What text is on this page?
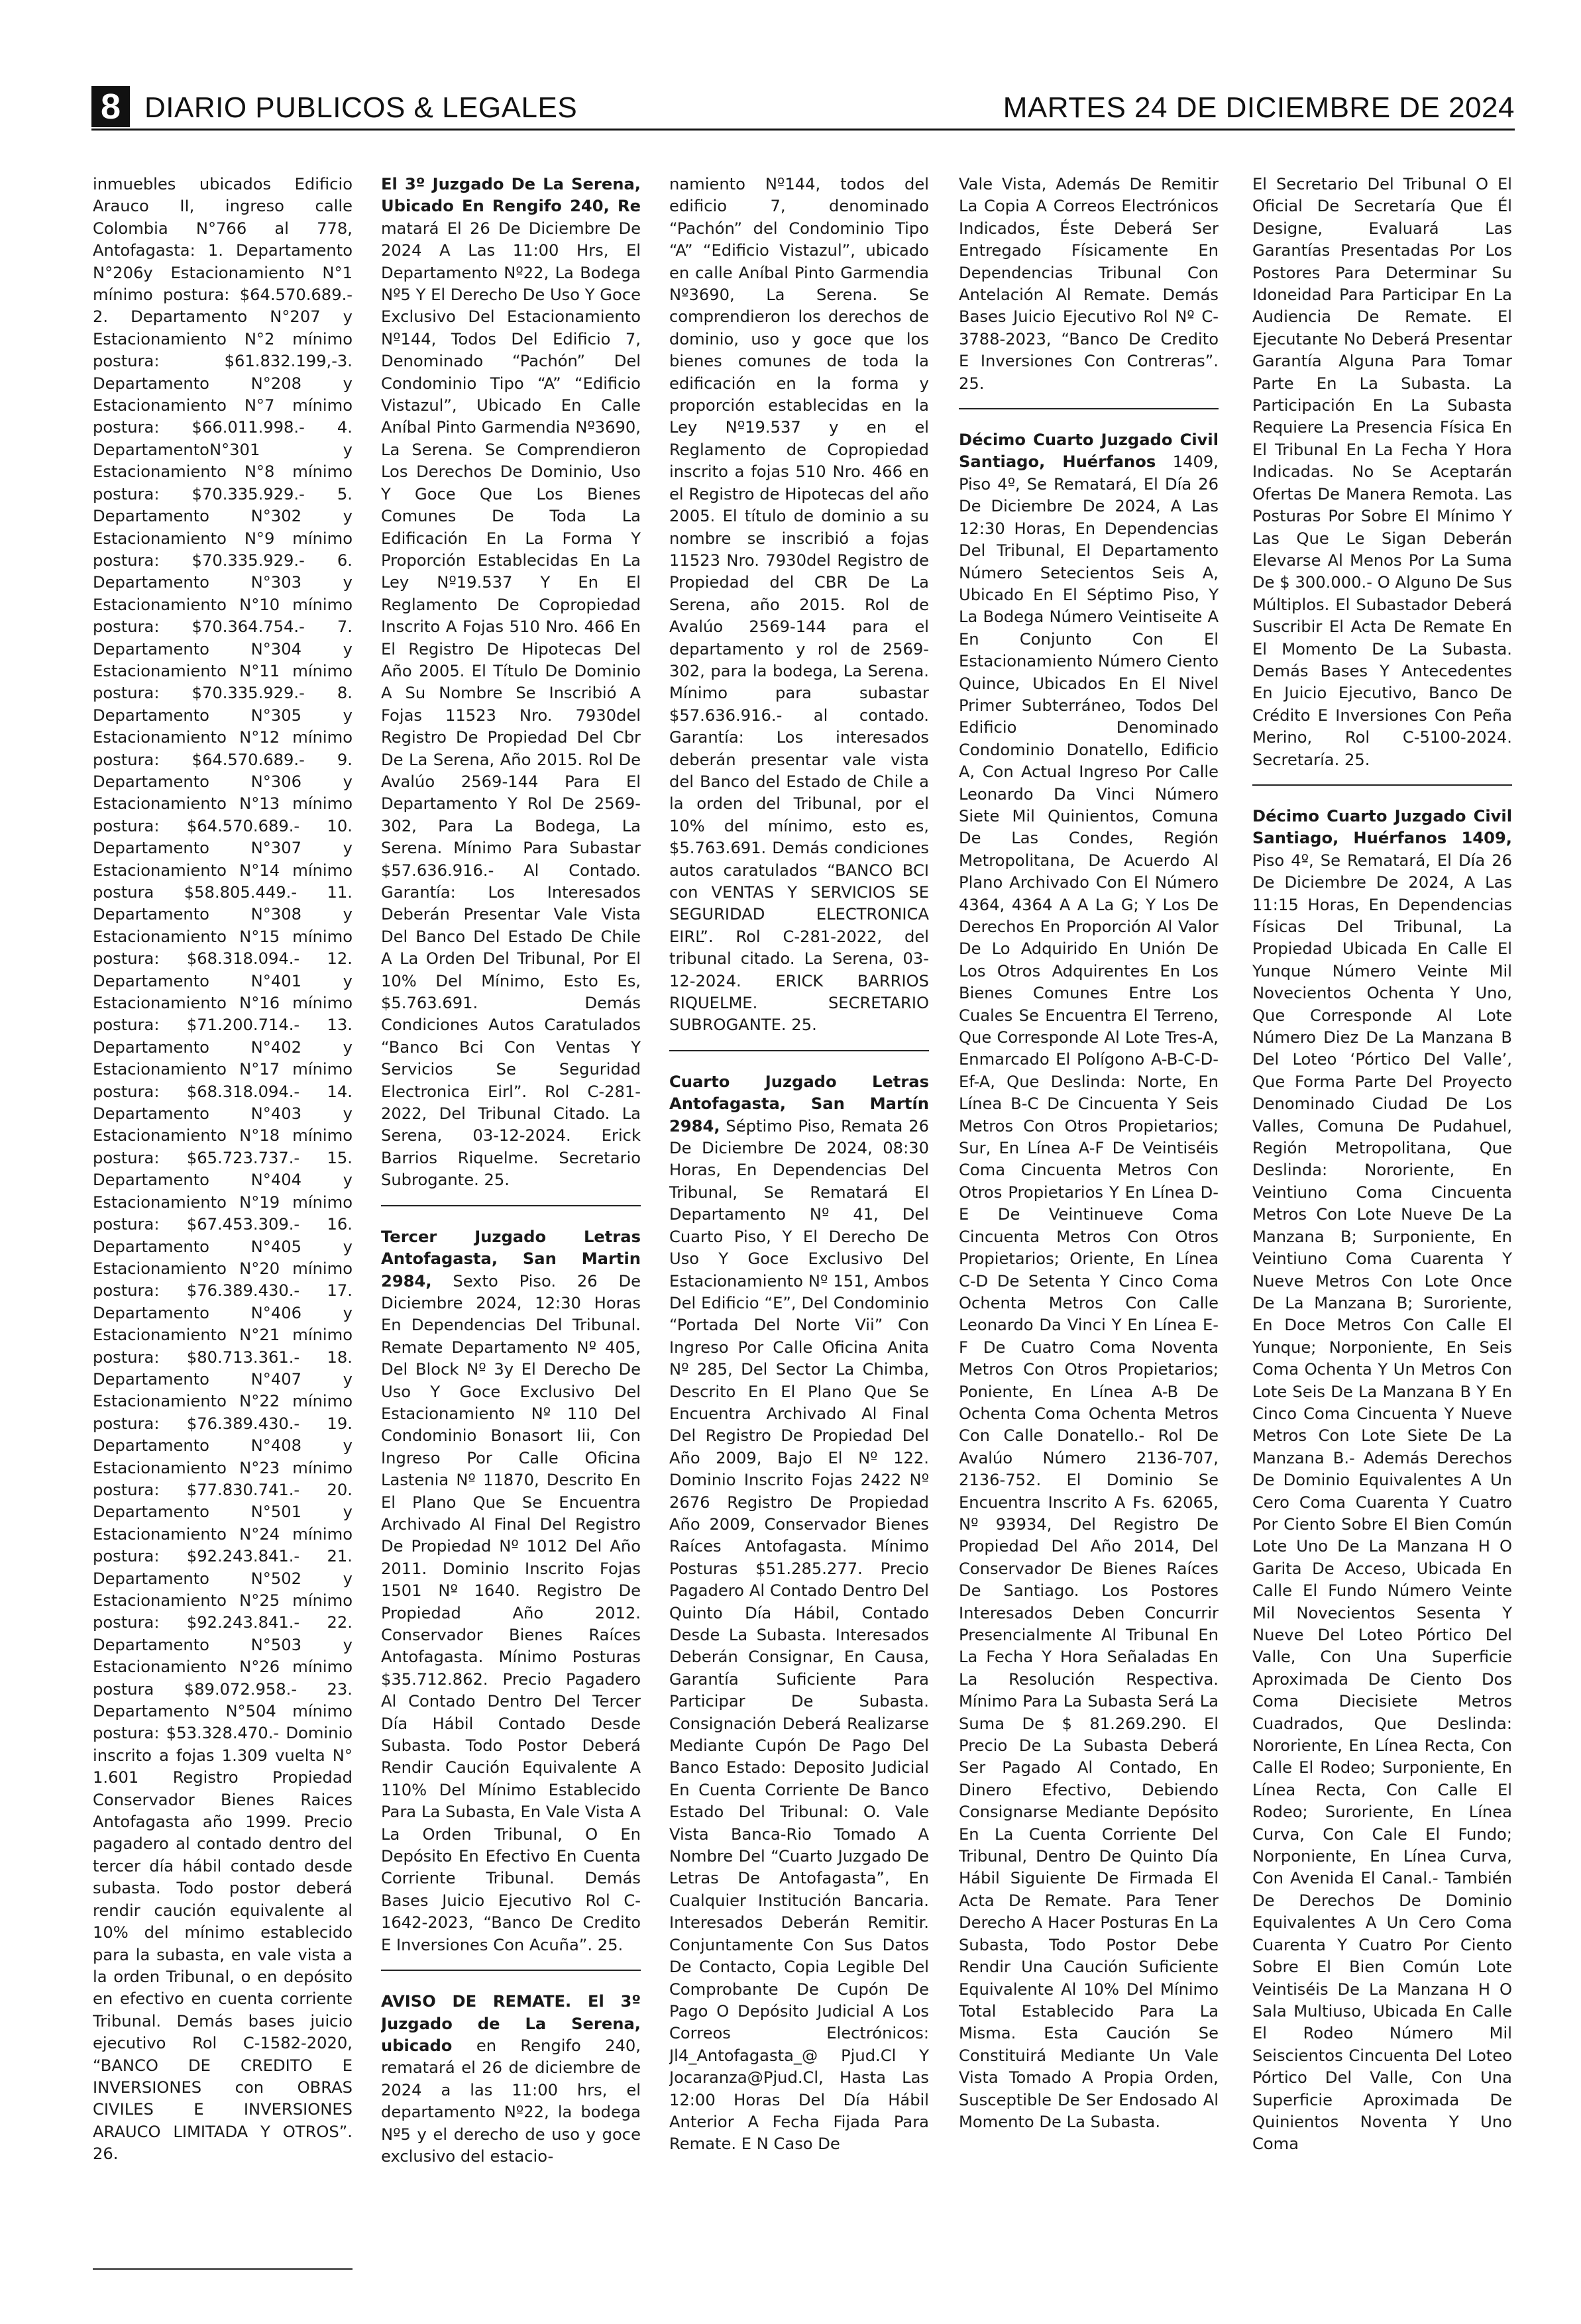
8 DIARIO PUBLICOS & LEGALES	MARTES 24 DE DICIEMBRE DE 2024

inmuebles ubicados Edificio Arauco II, ingreso calle Colombia N°766 al 778, Antofagasta: 1. Departamento N°206y Estacionamiento N°1 mínimo postura: $64.570.689.- 2. Departamento N°207 y Estacionamiento N°2 mínimo postura: $61.832.199,-3. Departamento N°208 y Estacionamiento N°7 mínimo postura: $66.011.998.- 4. DepartamentoN°301 y Estacionamiento N°8 mínimo postura: $70.335.929.- 5. Departamento N°302 y Estacionamiento N°9 mínimo postura: $70.335.929.- 6. Departamento N°303 y Estacionamiento N°10 mínimo postura: $70.364.754.- 7. Departamento N°304 y Estacionamiento N°11 mínimo postura: $70.335.929.- 8. Departamento N°305 y Estacionamiento N°12 mínimo postura: $64.570.689.- 9. Departamento N°306 y Estacionamiento N°13 mínimo postura: $64.570.689.- 10. Departamento N°307 y Estacionamiento N°14 mínimo postura $58.805.449.- 11. Departamento N°308 y Estacionamiento N°15 mínimo postura: $68.318.094.- 12. Departamento N°401 y Estacionamiento N°16 mínimo postura: $71.200.714.- 13. Departamento N°402 y Estacionamiento N°17 mínimo postura: $68.318.094.- 14. Departamento N°403 y Estacionamiento N°18 mínimo postura: $65.723.737.- 15. Departamento N°404 y Estacionamiento N°19 mínimo postura: $67.453.309.- 16. Departamento N°405 y Estacionamiento N°20 mínimo postura: $76.389.430.- 17. Departamento N°406 y Estacionamiento N°21 mínimo postura: $80.713.361.- 18. Departamento N°407 y Estacionamiento N°22 mínimo postura: $76.389.430.- 19. Departamento N°408 y Estacionamiento N°23 mínimo postura: $77.830.741.- 20. Departamento N°501 y Estacionamiento N°24 mínimo postura: $92.243.841.- 21. Departamento N°502 y Estacionamiento N°25 mínimo postura: $92.243.841.- 22. Departamento N°503 y Estacionamiento N°26 mínimo postura $89.072.958.- 23. Departamento N°504 mínimo postura: $53.328.470.- Dominio inscrito a fojas 1.309 vuelta N° 1.601 Registro Propiedad Conservador Bienes Raices Antofagasta año 1999. Precio pagadero al contado dentro del tercer día hábil contado desde subasta. Todo postor deberá rendir caución equivalente al 10% del mínimo establecido para la subasta, en vale vista a la orden Tribunal, o en depósito en efectivo en cuenta corriente Tribunal. Demás bases juicio ejecutivo Rol C-1582-2020, “BANCO DE CREDITO E INVERSIONES con OBRAS CIVILES E INVERSIONES ARAUCO LIMITADA Y OTROS”. 26.

El 3º Juzgado De La Serena, Ubicado En Rengifo 240, Re matará El 26 De Diciembre De 2024 A Las 11:00 Hrs, El Departamento Nº22, La Bodega Nº5 Y El Derecho De Uso Y Goce Exclusivo Del Estacionamiento Nº144, Todos Del Edificio 7, Denominado “Pachón” Del Condominio Tipo “A” “Edificio Vistazul”, Ubicado En Calle Aníbal Pinto Garmendia Nº3690, La Serena. Se Comprendieron Los Derechos De Dominio, Uso Y Goce Que Los Bienes Comunes De Toda La Edificación En La Forma Y Proporción Establecidas En La Ley Nº19.537 Y En El Reglamento De Copropiedad Inscrito A Fojas 510 Nro. 466 En El Registro De Hipotecas Del Año 2005. El Título De Dominio A Su Nombre Se Inscribió A Fojas 11523 Nro. 7930del Registro De Propiedad Del Cbr De La Serena, Año 2015. Rol De Avalúo 2569-144 Para El Departamento Y Rol De 2569-302, Para La Bodega, La Serena. Mínimo Para Subastar $57.636.916.- Al Contado. Garantía: Los Interesados Deberán Presentar Vale Vista Del Banco Del Estado De Chile A La Orden Del Tribunal, Por El 10% Del Mínimo, Esto Es, $5.763.691. Demás Condiciones Autos Caratulados “Banco Bci Con Ventas Y Servicios Se Seguridad Electronica Eirl”. Rol C-281-2022, Del Tribunal Citado. La Serena, 03-12-2024. Erick Barrios Riquelme. Secretario Subrogante. 25.

Tercer Juzgado Letras Antofagasta, San Martin 2984, Sexto Piso. 26 De Diciembre 2024, 12:30 Horas En Dependencias Del Tribunal. Remate Departamento Nº 405, Del Block Nº 3y El Derecho De Uso Y Goce Exclusivo Del Estacionamiento Nº 110 Del Condominio Bonasort Iii, Con Ingreso Por Calle Oficina Lastenia Nº 11870, Descrito En El Plano Que Se Encuentra Archivado Al Final Del Registro De Propiedad Nº 1012 Del Año 2011. Dominio Inscrito Fojas 1501 Nº 1640. Registro De Propiedad Año 2012. Conservador Bienes Raíces Antofagasta. Mínimo Posturas $35.712.862. Precio Pagadero Al Contado Dentro Del Tercer Día Hábil Contado Desde Subasta. Todo Postor Deberá Rendir Caución Equivalente A 110% Del Mínimo Establecido Para La Subasta, En Vale Vista A La Orden Tribunal, O En Depósito En Efectivo En Cuenta Corriente Tribunal. Demás Bases Juicio Ejecutivo Rol C-1642-2023, “Banco De Credito E Inversiones Con Acuña”. 25.

AVISO DE REMATE. El 3º Juzgado de La Serena, ubicado en Rengifo 240, rematará el 26 de diciembre de 2024 a las 11:00 hrs, el departamento Nº22, la bodega Nº5 y el derecho de uso y goce exclusivo del estacio-

namiento Nº144, todos del edificio 7, denominado “Pachón” del Condominio Tipo “A” “Edificio Vistazul”, ubicado en calle Aníbal Pinto Garmendia Nº3690, La Serena. Se comprendieron los derechos de dominio, uso y goce que los bienes comunes de toda la edificación en la forma y proporción establecidas en la Ley Nº19.537 y en el Reglamento de Copropiedad inscrito a fojas 510 Nro. 466 en el Registro de Hipotecas del año 2005. El título de dominio a su nombre se inscribió a fojas 11523 Nro. 7930del Registro de Propiedad del CBR De La Serena, año 2015. Rol de Avalúo 2569-144 para el departamento y rol de 2569-302, para la bodega, La Serena. Mínimo para subastar $57.636.916.- al contado. Garantía: Los interesados deberán presentar vale vista del Banco del Estado de Chile a la orden del Tribunal, por el 10% del mínimo, esto es, $5.763.691. Demás condiciones autos caratulados “BANCO BCI con VENTAS Y SERVICIOS SE SEGURIDAD ELECTRONICA EIRL”. Rol C-281-2022, del tribunal citado. La Serena, 03-12-2024. ERICK BARRIOS RIQUELME. SECRETARIO SUBROGANTE. 25.

Cuarto Juzgado Letras Antofagasta, San Martín 2984, Séptimo Piso, Remata 26 De Diciembre De 2024, 08:30 Horas, En Dependencias Del Tribunal, Se Rematará El Departamento Nº 41, Del Cuarto Piso, Y El Derecho De Uso Y Goce Exclusivo Del Estacionamiento Nº 151, Ambos Del Edificio “E”, Del Condominio “Portada Del Norte Vii” Con Ingreso Por Calle Oficina Anita Nº 285, Del Sector La Chimba, Descrito En El Plano Que Se Encuentra Archivado Al Final Del Registro De Propiedad Del Año 2009, Bajo El Nº 122. Dominio Inscrito Fojas 2422 Nº 2676 Registro De Propiedad Año 2009, Conservador Bienes Raíces Antofagasta. Mínimo Posturas $51.285.277. Precio Pagadero Al Contado Dentro Del Quinto Día Hábil, Contado Desde La Subasta. Interesados Deberán Consignar, En Causa, Garantía Suficiente Para Participar De Subasta. Consignación Deberá Realizarse Mediante Cupón De Pago Del Banco Estado: Deposito Judicial En Cuenta Corriente De Banco Estado Del Tribunal: O. Vale Vista Banca-Rio Tomado A Nombre Del “Cuarto Juzgado De Letras De Antofagasta”, En Cualquier Institución Bancaria. Interesados Deberán Remitir. Conjuntamente Con Sus Datos De Contacto, Copia Legible Del Comprobante De Cupón De Pago O Depósito Judicial A Los Correos Electrónicos: Jl4_Antofagasta_@ Pjud.Cl Y Jocaranza@Pjud.Cl, Hasta Las 12:00 Horas Del Día Hábil Anterior A Fecha Fijada Para Remate. E N Caso De

Vale Vista, Además De Remitir La Copia A Correos Electrónicos Indicados, Éste Deberá Ser Entregado Físicamente En Dependencias Tribunal Con Antelación Al Remate. Demás Bases Juicio Ejecutivo Rol Nº C-3788-2023, “Banco De Credito E Inversiones Con Contreras”. 25.

Décimo Cuarto Juzgado Civil Santiago, Huérfanos 1409, Piso 4º, Se Rematará, El Día 26 De Diciembre De 2024, A Las 12:30 Horas, En Dependencias Del Tribunal, El Departamento Número Setecientos Seis A, Ubicado En El Séptimo Piso, Y La Bodega Número Veintiseite A En Conjunto Con El Estacionamiento Número Ciento Quince, Ubicados En El Nivel Primer Subterráneo, Todos Del Edificio Denominado Condominio Donatello, Edificio A, Con Actual Ingreso Por Calle Leonardo Da Vinci Número Siete Mil Quinientos, Comuna De Las Condes, Región Metropolitana, De Acuerdo Al Plano Archivado Con El Número 4364, 4364 A A La G; Y Los De Derechos En Proporción Al Valor De Lo Adquirido En Unión De Los Otros Adquirentes En Los Bienes Comunes Entre Los Cuales Se Encuentra El Terreno, Que Corresponde Al Lote Tres-A, Enmarcado El Polígono A-B-C-D-Ef-A, Que Deslinda: Norte, En Línea B-C De Cincuenta Y Seis Metros Con Otros Propietarios; Sur, En Línea A-F De Veintiséis Coma Cincuenta Metros Con Otros Propietarios Y En Línea D-E De Veintinueve Coma Cincuenta Metros Con Otros Propietarios; Oriente, En Línea C-D De Setenta Y Cinco Coma Ochenta Metros Con Calle Leonardo Da Vinci Y En Línea E-F De Cuatro Coma Noventa Metros Con Otros Propietarios; Poniente, En Línea A-B De Ochenta Coma Ochenta Metros Con Calle Donatello.- Rol De Avalúo Número 2136-707, 2136-752. El Dominio Se Encuentra Inscrito A Fs. 62065, Nº 93934, Del Registro De Propiedad Del Año 2014, Del Conservador De Bienes Raíces De Santiago. Los Postores Interesados Deben Concurrir Presencialmente Al Tribunal En La Fecha Y Hora Señaladas En La Resolución Respectiva. Mínimo Para La Subasta Será La Suma De $ 81.269.290. El Precio De La Subasta Deberá Ser Pagado Al Contado, En Dinero Efectivo, Debiendo Consignarse Mediante Depósito En La Cuenta Corriente Del Tribunal, Dentro De Quinto Día Hábil Siguiente De Firmada El Acta De Remate. Para Tener Derecho A Hacer Posturas En La Subasta, Todo Postor Debe Rendir Una Caución Suficiente Equivalente Al 10% Del Mínimo Total Establecido Para La Misma. Esta Caución Se Constituirá Mediante Un Vale Vista Tomado A Propia Orden, Susceptible De Ser Endosado Al Momento De La Subasta.

El Secretario Del Tribunal O El Oficial De Secretaría Que Él Designe, Evaluará Las Garantías Presentadas Por Los Postores Para Determinar Su Idoneidad Para Participar En La Audiencia De Remate. El Ejecutante No Deberá Presentar Garantía Alguna Para Tomar Parte En La Subasta. La Participación En La Subasta Requiere La Presencia Física En El Tribunal En La Fecha Y Hora Indicadas. No Se Aceptarán Ofertas De Manera Remota. Las Posturas Por Sobre El Mínimo Y Las Que Le Sigan Deberán Elevarse Al Menos Por La Suma De $ 300.000.- O Alguno De Sus Múltiplos. El Subastador Deberá Suscribir El Acta De Remate En El Momento De La Subasta. Demás Bases Y Antecedentes En Juicio Ejecutivo, Banco De Crédito E Inversiones Con Peña Merino, Rol C-5100-2024. Secretaría. 25.

Décimo Cuarto Juzgado Civil Santiago, Huérfanos 1409, Piso 4º, Se Rematará, El Día 26 De Diciembre De 2024, A Las 11:15 Horas, En Dependencias Físicas Del Tribunal, La Propiedad Ubicada En Calle El Yunque Número Veinte Mil Novecientos Ochenta Y Uno, Que Corresponde Al Lote Número Diez De La Manzana B Del Loteo ‘Pórtico Del Valle’, Que Forma Parte Del Proyecto Denominado Ciudad De Los Valles, Comuna De Pudahuel, Región Metropolitana, Que Deslinda: Nororiente, En Veintiuno Coma Cincuenta Metros Con Lote Nueve De La Manzana B; Surponiente, En Veintiuno Coma Cuarenta Y Nueve Metros Con Lote Once De La Manzana B; Suroriente, En Doce Metros Con Calle El Yunque; Norponiente, En Seis Coma Ochenta Y Un Metros Con Lote Seis De La Manzana B Y En Cinco Coma Cincuenta Y Nueve Metros Con Lote Siete De La Manzana B.- Además Derechos De Dominio Equivalentes A Un Cero Coma Cuarenta Y Cuatro Por Ciento Sobre El Bien Común Lote Uno De La Manzana H O Garita De Acceso, Ubicada En Calle El Fundo Número Veinte Mil Novecientos Sesenta Y Nueve Del Loteo Pórtico Del Valle, Con Una Superficie Aproximada De Ciento Dos Coma Diecisiete Metros Cuadrados, Que Deslinda: Nororiente, En Línea Recta, Con Calle El Rodeo; Surponiente, En Línea Recta, Con Calle El Rodeo; Suroriente, En Línea Curva, Con Cale El Fundo; Norponiente, En Línea Curva, Con Avenida El Canal.- También De Derechos De Dominio Equivalentes A Un Cero Coma Cuarenta Y Cuatro Por Ciento Sobre El Bien Común Lote Veintiséis De La Manzana H O Sala Multiuso, Ubicada En Calle El Rodeo Número Mil Seiscientos Cincuenta Del Loteo Pórtico Del Valle, Con Una Superficie Aproximada De Quinientos Noventa Y Uno Coma
